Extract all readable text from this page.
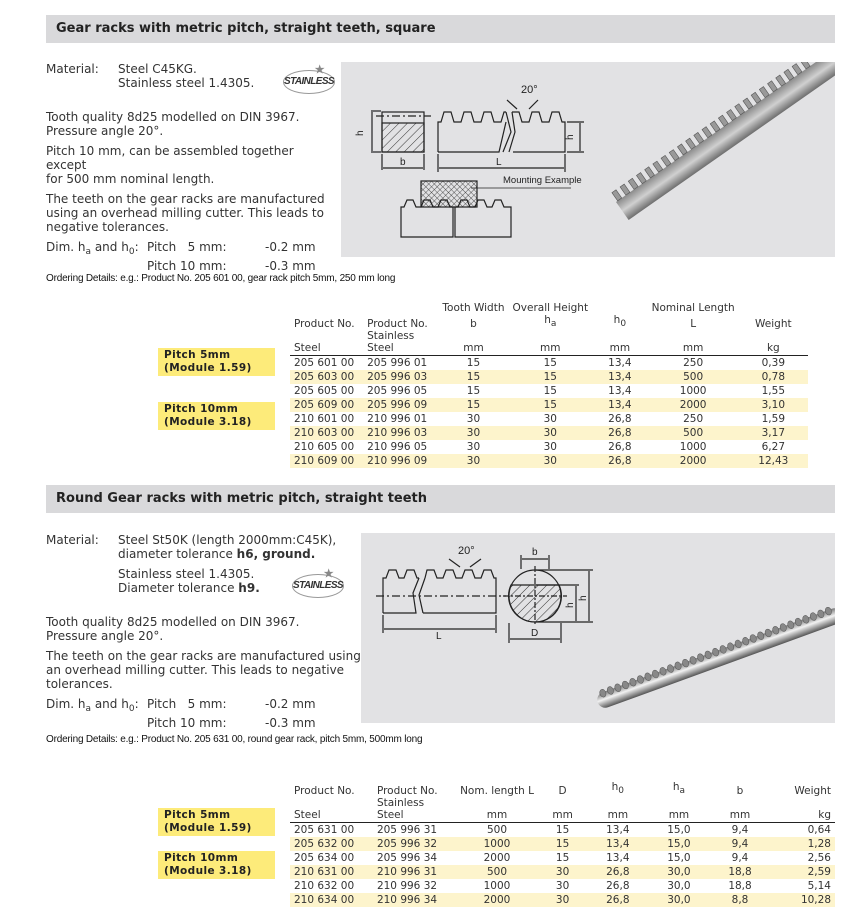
Gear racks with metric pitch, straight teeth, square
Material:	Steel C45KG.
Stainless steel 1.4305.
Tooth quality 8d25 modelled on DIN 3967.
Pressure angle 20°.
Pitch 10 mm, can be assembled together except
for 500 mm nominal length.
The teeth on the gear racks are manufactured
using an overhead milling cutter. This leads to
negative tolerances.
Dim. $h_a$ and $h_0$: Pitch   5 mm:	-0.2 mm
Pitch 10 mm:	-0.3 mm
★
STAINLESS
20°
h
h
b	L
Mounting Example
Ordering Details: e.g.: Product No. 205 601 00, gear rack pitch 5mm, 250 mm long
Pitch 5mm
(Module 1.59)
Pitch 10mm
(Module 3.18)
		Tooth Width	Overall Height		Nominal Length	
Product No.	Product No.	b	ha	h0	L	Weight
Steel	Stainless Steel	mm	mm	mm	mm	kg
205 601 00	205 996 01	15	15	13,4	250	0,39
205 603 00	205 996 03	15	15	13,4	500	0,78
205 605 00	205 996 05	15	15	13,4	1000	1,55
205 609 00	205 996 09	15	15	13,4	2000	3,10
210 601 00	210 996 01	30	30	26,8	250	1,59
210 603 00	210 996 03	30	30	26,8	500	3,17
210 605 00	210 996 05	30	30	26,8	1000	6,27
210 609 00	210 996 09	30	30	26,8	2000	12,43
Round Gear racks with metric pitch, straight teeth
Material:	Steel St50K (length 2000mm:C45K),
diameter tolerance h6, ground.
Stainless steel 1.4305.
Diameter tolerance h9.
Tooth quality 8d25 modelled on DIN 3967.
Pressure angle 20°.
The teeth on the gear racks are manufactured using
an overhead milling cutter. This leads to negative
tolerances.
Dim. $h_a$ and $h_0$: Pitch   5 mm:	-0.2 mm
Pitch 10 mm:	-0.3 mm
★
STAINLESS
20°	b
L	D
h
h
Ordering Details: e.g.: Product No. 205 631 00, round gear rack, pitch 5mm, 500mm long
Pitch 5mm
(Module 1.59)
Pitch 10mm
(Module 3.18)
Product No.	Product No.	Nom. length L	D	h0	ha	b	Weight
Steel	Stainless Steel	mm	mm	mm	mm	mm	kg
205 631 00	205 996 31	500	15	13,4	15,0	9,4	0,64
205 632 00	205 996 32	1000	15	13,4	15,0	9,4	1,28
205 634 00	205 996 34	2000	15	13,4	15,0	9,4	2,56
210 631 00	210 996 31	500	30	26,8	30,0	18,8	2,59
210 632 00	210 996 32	1000	30	26,8	30,0	18,8	5,14
210 634 00	210 996 34	2000	30	26,8	30,0	8,8	10,28
